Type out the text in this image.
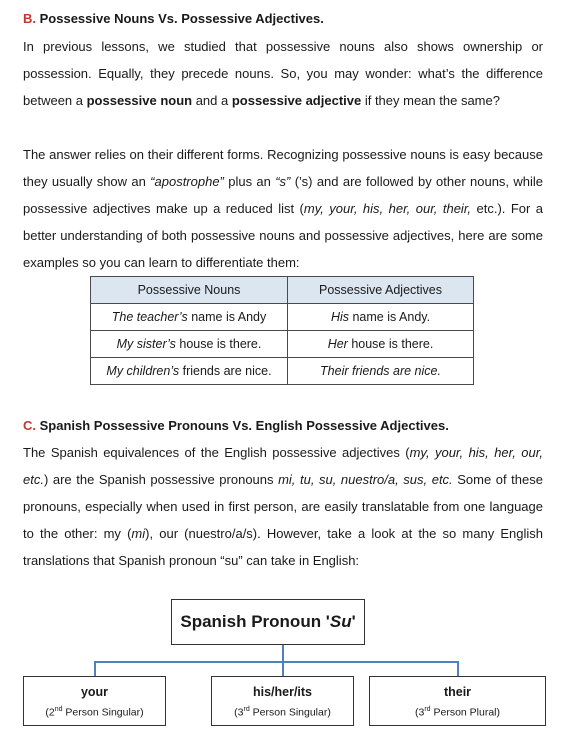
B. Possessive Nouns Vs. Possessive Adjectives.

In previous lessons, we studied that possessive nouns also shows ownership or possession. Equally, they precede nouns. So, you may wonder: what’s the difference between a possessive noun and a possessive adjective if they mean the same?

The answer relies on their different forms. Recognizing possessive nouns is easy because they usually show an “apostrophe” plus an “s” (’s) and are followed by other nouns, while possessive adjectives make up a reduced list (my, your, his, her, our, their, etc.). For a better understanding of both possessive nouns and possessive adjectives, here are some examples so you can learn to differentiate them:

Possessive Nouns	Possessive Adjectives
The teacher’s name is Andy	His name is Andy.
My sister’s house is there.	Her house is there.
My children’s friends are nice.	Their friends are nice.

C. Spanish Possessive Pronouns Vs. English Possessive Adjectives.

The Spanish equivalences of the English possessive adjectives (my, your, his, her, our, etc.) are the Spanish possessive pronouns mi, tu, su, nuestro/a, sus, etc. Some of these pronouns, especially when used in first person, are easily translatable from one language to the other: my (mi), our (nuestro/a/s). However, take a look at the so many English translations that Spanish pronoun “su” can take in English:

Spanish Pronoun ' Su '
your
(2nd Person Singular)
his/her/its
(3rd Person Singular)
their
(3rd Person Plural)
